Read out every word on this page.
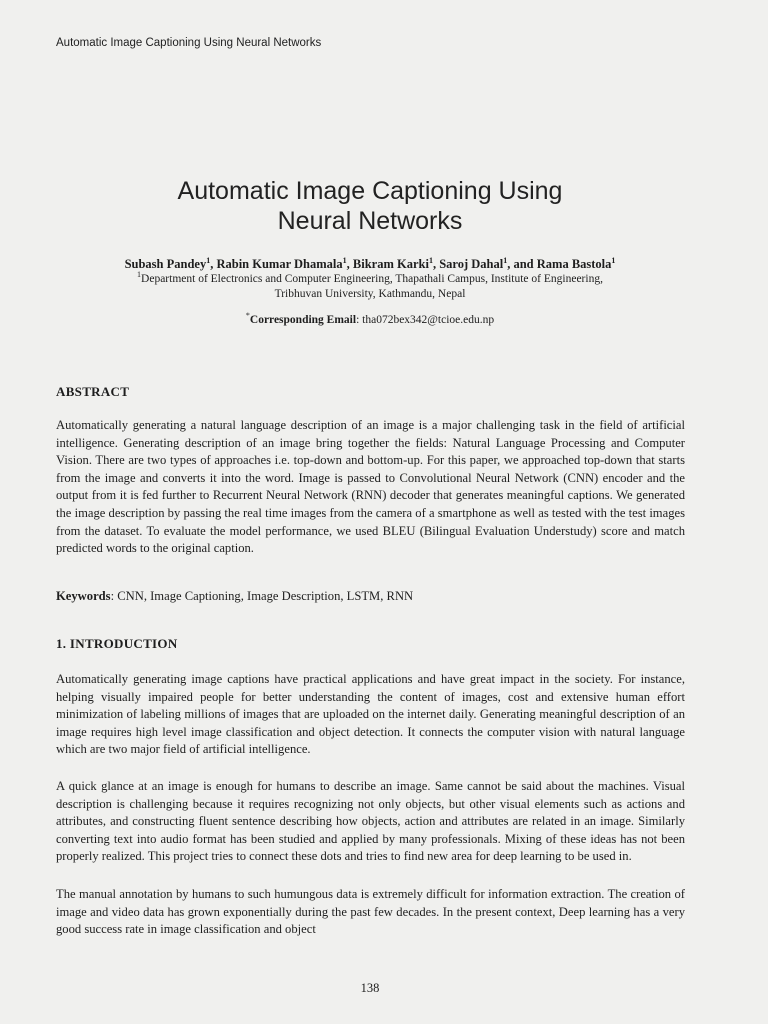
Automatic Image Captioning Using Neural Networks
Automatic Image Captioning Using
Neural Networks
Subash Pandey$^1$, Rabin Kumar Dhamala$^1$, Bikram Karki$^1$, Saroj Dahal$^1$, and Rama Bastola$^1$
$^1$Department of Electronics and Computer Engineering, Thapathali Campus, Institute of Engineering,
Tribhuvan University, Kathmandu, Nepal
*Corresponding Email: tha072bex342@tcioe.edu.np
ABSTRACT

Automatically generating a natural language description of an image is a major challenging task in the field of artificial intelligence. Generating description of an image bring together the fields: Natural Language Processing and Computer Vision. There are two types of approaches i.e. top-down and bottom-up. For this paper, we approached top-down that starts from the image and converts it into the word. Image is passed to Convolutional Neural Network (CNN) encoder and the output from it is fed further to Recurrent Neural Network (RNN) decoder that generates meaningful captions. We generated the image description by passing the real time images from the camera of a smartphone as well as tested with the test images from the dataset. To evaluate the model performance, we used BLEU (Bilingual Evaluation Understudy) score and match predicted words to the original caption.

Keywords: CNN, Image Captioning, Image Description, LSTM, RNN
1. INTRODUCTION

Automatically generating image captions have practical applications and have great impact in the society. For instance, helping visually impaired people for better understanding the content of images, cost and extensive human effort minimization of labeling millions of images that are uploaded on the internet daily. Generating meaningful description of an image requires high level image classification and object detection. It connects the computer vision with natural language which are two major field of artificial intelligence.

A quick glance at an image is enough for humans to describe an image. Same cannot be said about the machines. Visual description is challenging because it requires recognizing not only objects, but other visual elements such as actions and attributes, and constructing fluent sentence describing how objects, action and attributes are related in an image. Similarly converting text into audio format has been studied and applied by many professionals. Mixing of these ideas has not been properly realized. This project tries to connect these dots and tries to find new area for deep learning to be used in.

The manual annotation by humans to such humungous data is extremely difficult for information extraction. The creation of image and video data has grown exponentially during the past few decades. In the present context, Deep learning has a very good success rate in image classification and object

138
